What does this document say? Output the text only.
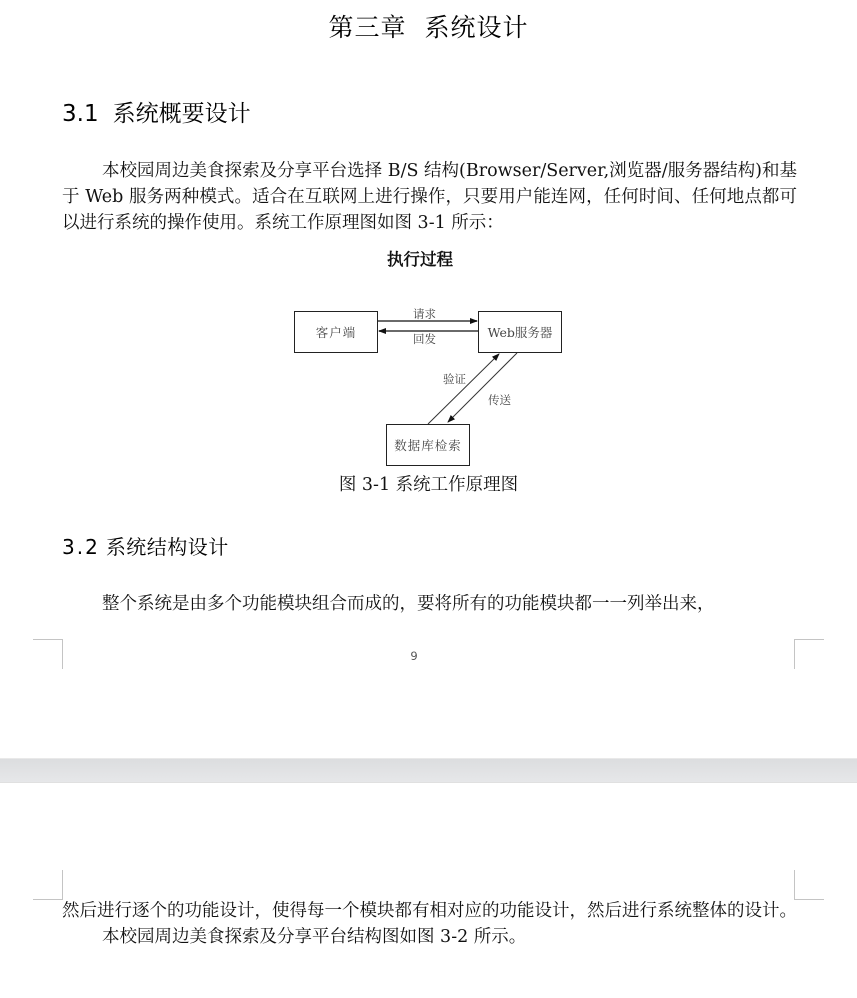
第三章 系统设计
3.1 系统概要设计

本校园周边美食探索及分享平台选择 B/S 结构(Browser/Server,浏览器/服务器结构)和基于 Web 服务两种模式。适合在互联网上进行操作，只要用户能连网，任何时间、任何地点都可以进行系统的操作使用。系统工作原理图如图 3-1 所示：

执行过程
客户端	Web服务器
数据库检索
请求
回发
验证
传送
图 3-1 系统工作原理图
3.2 系统结构设计

整个系统是由多个功能模块组合而成的，要将所有的功能模块都一一列举出来，

9

然后进行逐个的功能设计，使得每一个模块都有相对应的功能设计，然后进行系统整体的设计。

本校园周边美食探索及分享平台结构图如图 3-2 所示。
